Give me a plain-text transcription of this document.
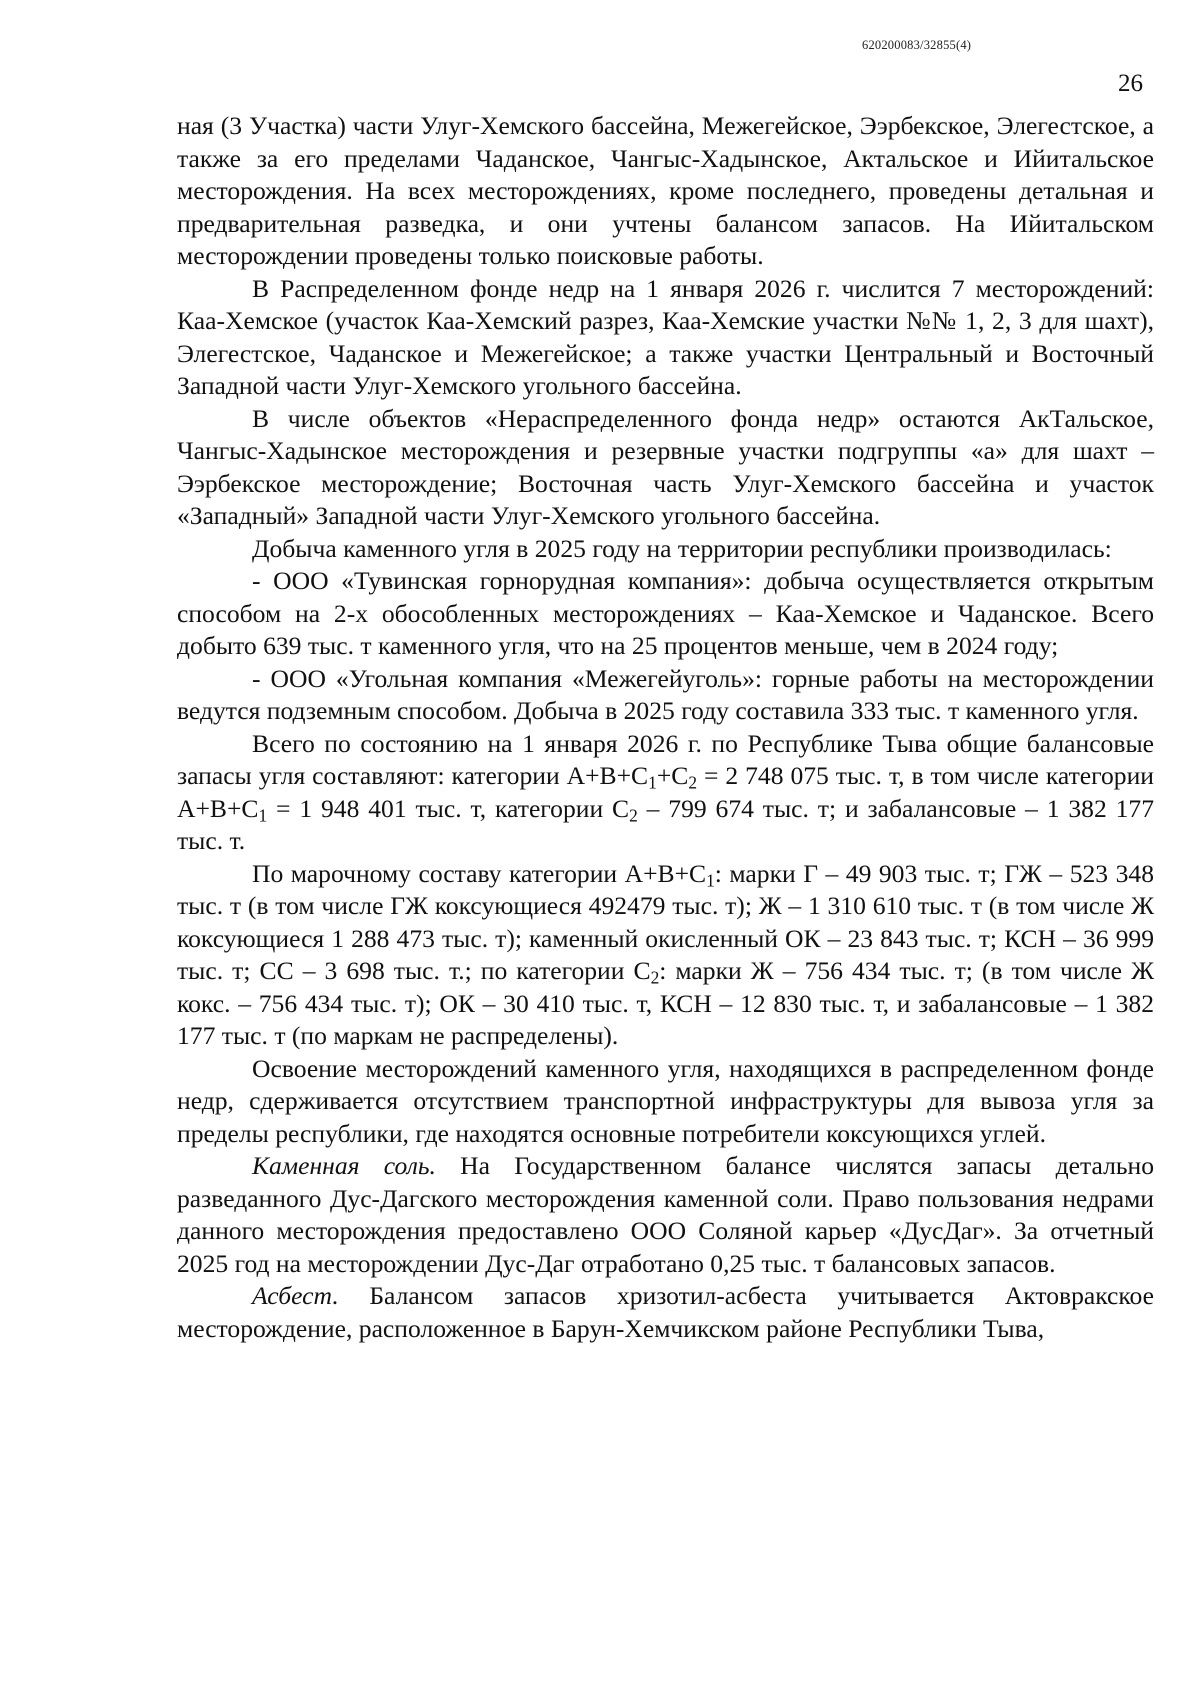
620200083/32855(4)
26

ная (3 Участка) части Улуг-Хемского бассейна, Межегейское, Ээрбекское, Элегестское, а также за его пределами Чаданское, Чангыс-Хадынское, Актальское и Ийитальское месторождения. На всех месторождениях, кроме последнего, проведены детальная и предварительная разведка, и они учтены балансом запасов. На Ийитальском месторождении проведены только поисковые работы.

В Распределенном фонде недр на 1 января 2026 г. числится 7 месторождений: Каа-Хемское (участок Каа-Хемский разрез, Каа-Хемские участки №№ 1, 2, 3 для шахт), Элегестское, Чаданское и Межегейское; а также участки Центральный и Восточный Западной части Улуг-Хемского угольного бассейна.

В числе объектов «Нераспределенного фонда недр» остаются АкТальское, Чангыс-Хадынское месторождения и резервные участки подгруппы «а» для шахт – Ээрбекское месторождение; Восточная часть Улуг-Хемского бассейна и участок «Западный» Западной части Улуг-Хемского угольного бассейна.

Добыча каменного угля в 2025 году на территории республики производилась:

- ООО «Тувинская горнорудная компания»: добыча осуществляется открытым способом на 2-х обособленных месторождениях – Каа-Хемское и Чаданское. Всего добыто 639 тыс. т каменного угля, что на 25 процентов меньше, чем в 2024 году;

- ООО «Угольная компания «Межегейуголь»: горные работы на месторождении ведутся подземным способом. Добыча в 2025 году составила 333 тыс. т каменного угля.

Всего по состоянию на 1 января 2026 г. по Республике Тыва общие балансовые запасы угля составляют: категории $А+В+C_1+C_2 = 2$ 748 075 тыс. т, в том числе категории $А+В+C_1 = 1$ 948 401 тыс. т, категории $C_2 - 799$ 674 тыс. т; и забалансовые – 1 382 177 тыс. т.

По марочному составу категории $А+В+C_1$: марки Г – 49 903 тыс. т; ГЖ – 523 348 тыс. т (в том числе ГЖ коксующиеся 492479 тыс. т); Ж – 1 310 610 тыс. т (в том числе Ж коксующиеся 1 288 473 тыс. т); каменный окисленный ОК – 23 843 тыс. т; КСН – 36 999 тыс. т; СС – 3 698 тыс. т.; по категории $C_2$: марки Ж – 756 434 тыс. т; (в том числе Ж кокс. – 756 434 тыс. т); ОК – 30 410 тыс. т, КСН – 12 830 тыс. т, и забалансовые – 1 382 177 тыс. т (по маркам не распределены).

Освоение месторождений каменного угля, находящихся в распределенном фонде недр, сдерживается отсутствием транспортной инфраструктуры для вывоза угля за пределы республики, где находятся основные потребители коксующихся углей.

Каменная соль. На Государственном балансе числятся запасы детально разведанного Дус-Дагского месторождения каменной соли. Право пользования недрами данного месторождения предоставлено ООО Соляной карьер «ДусДаг». За отчетный 2025 год на месторождении Дус-Даг отработано 0,25 тыс. т балансовых запасов.

Асбест. Балансом запасов хризотил-асбеста учитывается Актовракское месторождение, расположенное в Барун-Хемчикском районе Республики Тыва,
